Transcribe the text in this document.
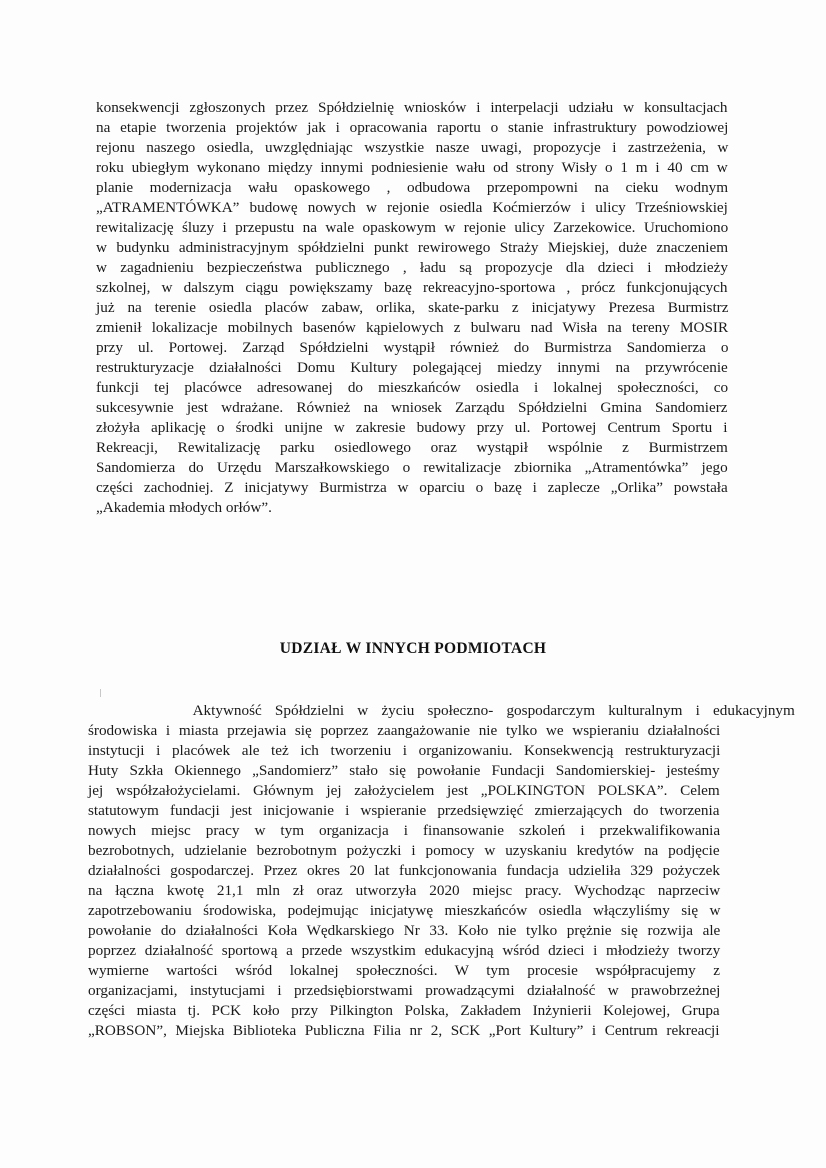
konsekwencji zgłoszonych przez Spółdzielnię wniosków i interpelacji udziału w konsultacjach
na etapie tworzenia projektów jak i opracowania raportu o stanie infrastruktury powodziowej
rejonu naszego osiedla, uwzględniając wszystkie nasze uwagi, propozycje i zastrzeżenia, w
roku ubiegłym wykonano między innymi podniesienie wału od strony Wisły o 1 m i 40 cm w
planie modernizacja wału opaskowego , odbudowa przepompowni na cieku wodnym
„ATRAMENTÓWKA” budowę nowych w rejonie osiedla Koćmierzów i ulicy Trześniowskiej
rewitalizację śluzy i przepustu na wale opaskowym w rejonie ulicy Zarzekowice. Uruchomiono
w budynku administracyjnym spółdzielni punkt rewirowego Straży Miejskiej, duże znaczeniem
w zagadnieniu bezpieczeństwa publicznego , ładu są propozycje dla dzieci i młodzieży
szkolnej, w dalszym ciągu powiększamy bazę rekreacyjno-sportowa , prócz funkcjonujących
już na terenie osiedla placów zabaw, orlika, skate-parku z inicjatywy Prezesa Burmistrz
zmienił lokalizacje mobilnych basenów kąpielowych z bulwaru nad Wisła na tereny MOSIR
przy ul. Portowej. Zarząd Spółdzielni wystąpił również do Burmistrza Sandomierza o
restrukturyzacje działalności Domu Kultury polegającej miedzy innymi na przywrócenie
funkcji tej placówce adresowanej do mieszkańców osiedla i lokalnej społeczności, co
sukcesywnie jest wdrażane. Również na wniosek Zarządu Spółdzielni Gmina Sandomierz
złożyła aplikację o środki unijne w zakresie budowy przy ul. Portowej Centrum Sportu i
Rekreacji, Rewitalizację parku osiedlowego oraz wystąpił wspólnie z Burmistrzem
Sandomierza do Urzędu Marszałkowskiego o rewitalizacje zbiornika „Atramentówka” jego
części zachodniej. Z inicjatywy Burmistrza w oparciu o bazę i zaplecze „Orlika” powstała
„Akademia młodych orłów”.

UDZIAŁ W INNYCH PODMIOTACH

Aktywność Spółdzielni w życiu społeczno- gospodarczym kulturalnym i edukacyjnym
środowiska i miasta przejawia się poprzez zaangażowanie nie tylko we wspieraniu działalności
instytucji i placówek ale też ich tworzeniu i organizowaniu. Konsekwencją restrukturyzacji
Huty Szkła Okiennego „Sandomierz” stało się powołanie Fundacji Sandomierskiej- jesteśmy
jej współzałożycielami. Głównym jej założycielem jest „POLKINGTON POLSKA”. Celem
statutowym fundacji jest inicjowanie i wspieranie przedsięwzięć zmierzających do tworzenia
nowych miejsc pracy w tym organizacja i finansowanie szkoleń i przekwalifikowania
bezrobotnych, udzielanie bezrobotnym pożyczki i pomocy w uzyskaniu kredytów na podjęcie
działalności gospodarczej. Przez okres 20 lat funkcjonowania fundacja udzieliła 329 pożyczek
na łączna kwotę 21,1 mln zł oraz utworzyła 2020 miejsc pracy. Wychodząc naprzeciw
zapotrzebowaniu środowiska, podejmując inicjatywę mieszkańców osiedla włączyliśmy się w
powołanie do działalności Koła Wędkarskiego Nr 33. Koło nie tylko prężnie się rozwija ale
poprzez działalność sportową a przede wszystkim edukacyjną wśród dzieci i młodzieży tworzy
wymierne wartości wśród lokalnej społeczności. W tym procesie współpracujemy z
organizacjami, instytucjami i przedsiębiorstwami prowadzącymi działalność w prawobrzeżnej
części miasta tj. PCK koło przy Pilkington Polska, Zakładem Inżynierii Kolejowej, Grupa
„ROBSON”, Miejska Biblioteka Publiczna Filia nr 2, SCK „Port Kultury” i Centrum rekreacji
